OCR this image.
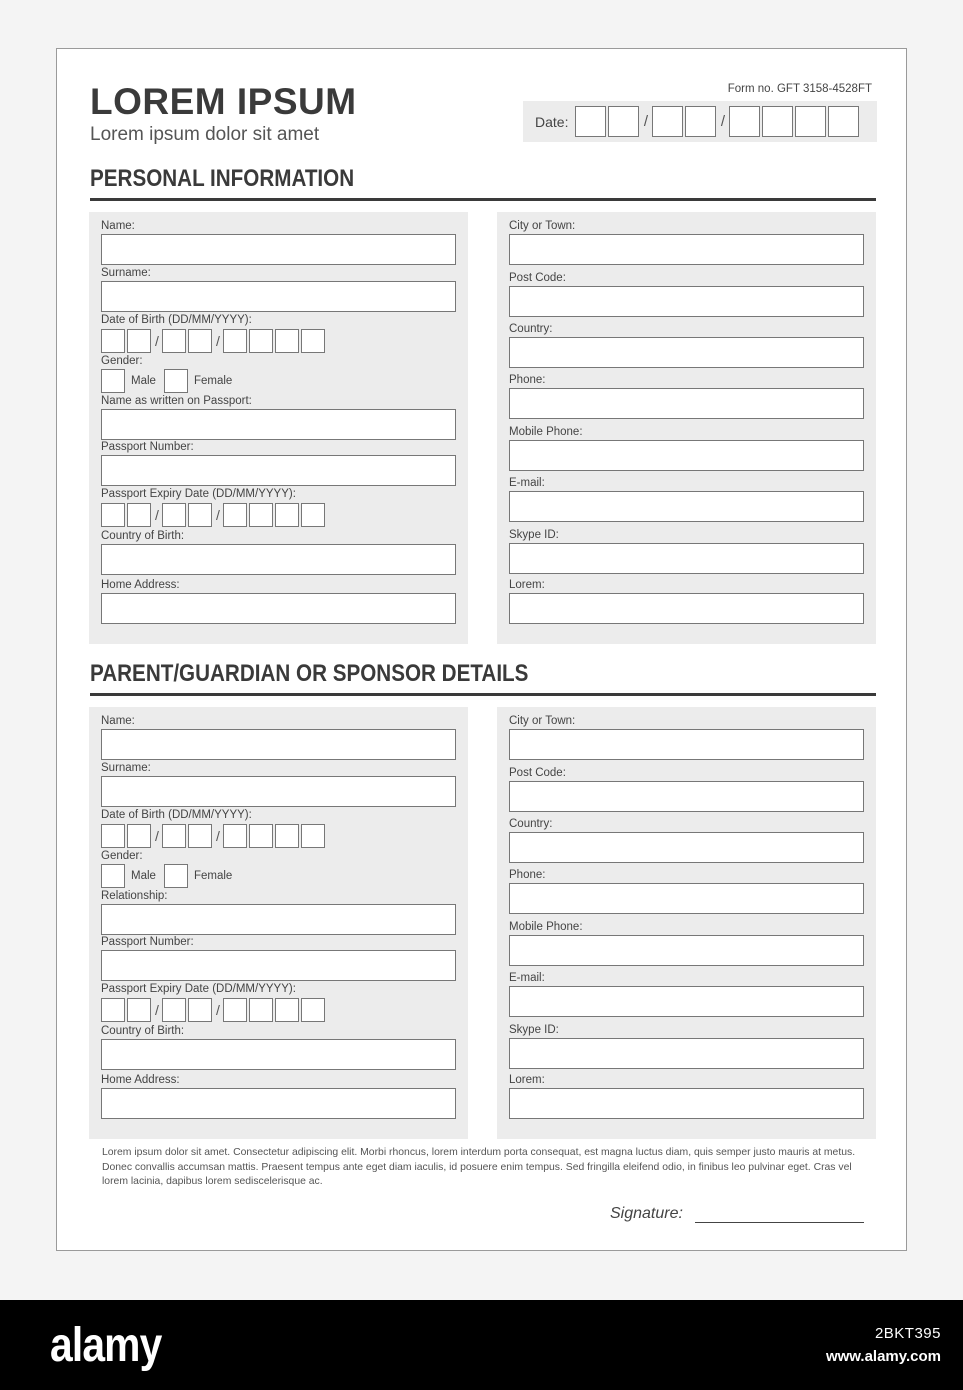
LOREM IPSUM
Lorem ipsum dolor sit amet
Form no. GFT 3158-4528FT
Date:	/	/
PERSONAL INFORMATION
Name:
Surname:
Date of Birth (DD/MM/YYYY):
/	/
Gender:
Male	Female
Name as written on Passport:
Passport Number:
Passport Expiry Date (DD/MM/YYYY):
/	/
Country of Birth:
Home Address:
City or Town:
Post Code:
Country:
Phone:
Mobile Phone:
E-mail:
Skype ID:
Lorem:
PARENT/GUARDIAN OR SPONSOR DETAILS
Name:
Surname:
Date of Birth (DD/MM/YYYY):
/	/
Gender:
Male	Female
Relationship:
Passport Number:
Passport Expiry Date (DD/MM/YYYY):
/	/
Country of Birth:
Home Address:
City or Town:
Post Code:
Country:
Phone:
Mobile Phone:
E-mail:
Skype ID:
Lorem:
Lorem ipsum dolor sit amet. Consectetur adipiscing elit. Morbi rhoncus, lorem interdum porta consequat, est magna luctus diam, quis semper justo mauris at metus. Donec convallis accumsan mattis. Praesent tempus ante eget diam iaculis, id posuere enim tempus. Sed fringilla eleifend odio, in finibus leo pulvinar eget. Cras vel lorem lacinia, dapibus lorem sediscelerisque ac.
Signature:
alamy	2BKT395
www.alamy.com
